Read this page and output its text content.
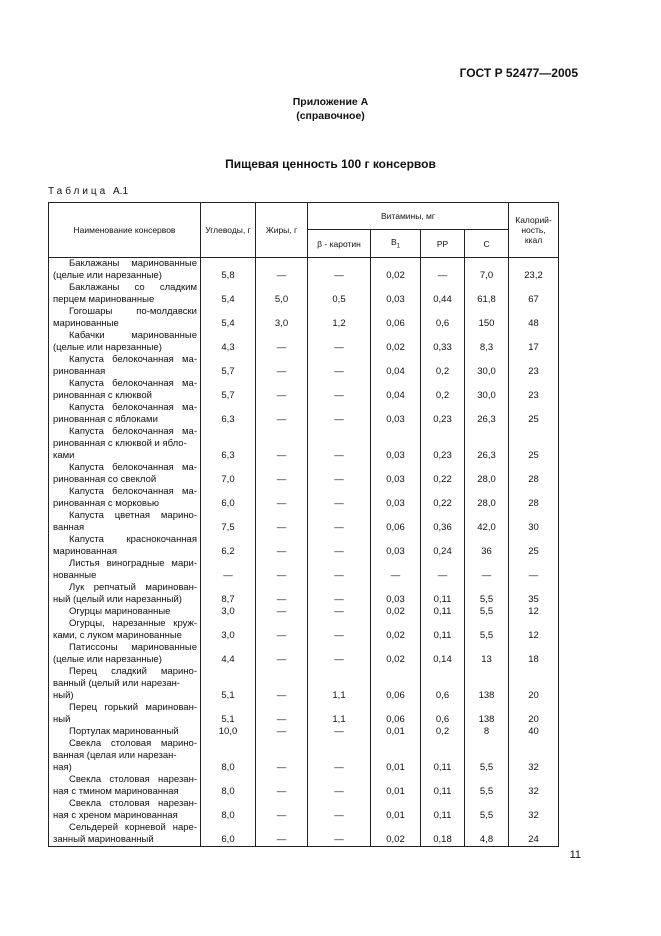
ГОСТ Р 52477—2005
Приложение А
(справочное)
Пищевая ценность 100 г консервов
Таблица А.1
Наименование консервов	Углеводы, г	Жиры, г	Витамины, мг				Калорий-ность, ккал
			β - каротин	$B_1$	PP	C	

Баклажаны маринованные
(целые или нарезанные)	5,8	—	—	0,02	—	7,0	23,2

Баклажаны со сладким
перцем маринованные	5,4	5,0	0,5	0,03	0,44	61,8	67

Гогошары по-молдавски
маринованные	5,4	3,0	1,2	0,06	0,6	150	48

Кабачки маринованные
(целые или нарезанные)	4,3	—	—	0,02	0,33	8,3	17

Капуста белокочанная ма-
ринованная	5,7	—	—	0,04	0,2	30,0	23

Капуста белокочанная ма-
ринованная с клюквой	5,7	—	—	0,04	0,2	30,0	23

Капуста белокочанная ма-
ринованная с яблоками	6,3	—	—	0,03	0,23	26,3	25

Капуста белокочанная ма-
ринованная с клюквой и ябло-
ками	6,3	—	—	0,03	0,23	26,3	25

Капуста белокочанная ма-
ринованная со свеклой	7,0	—	—	0,03	0,22	28,0	28

Капуста белокочанная ма-
ринованная с морковью	6,0	—	—	0,03	0,22	28,0	28

Капуста цветная марино-
ванная	7,5	—	—	0,06	0,36	42,0	30

Капуста краснокочанная
маринованная	6,2	—	—	0,03	0,24	36	25

Листья виноградные мари-
нованные	—	—	—	—	—	—	—

Лук репчатый маринован-
ный (целый или нарезанный)	8,7	—	—	0,03	0,11	5,5	35

Огурцы маринованные	3,0	—	—	0,02	0,11	5,5	12

Огурцы, нарезанные круж-
ками, с луком маринованные	3,0	—	—	0,02	0,11	5,5	12

Патиссоны маринованные
(целые или нарезанные)	4,4	—	—	0,02	0,14	13	18

Перец сладкий марино-
ванный (целый или нарезан-
ный)	5,1	—	1,1	0,06	0,6	138	20

Перец горький маринован-
ный	5,1	—	1,1	0,06	0,6	138	20

Портулак маринованный	10,0	—	—	0,01	0,2	8	40

Свекла столовая марино-
ванная (целая или нарезан-
ная)	8,0	—	—	0,01	0,11	5,5	32

Свекла столовая нарезан-
ная с тмином маринованная	8,0	—	—	0,01	0,11	5,5	32

Свекла столовая нарезан-
ная с хреном маринованная	8,0	—	—	0,01	0,11	5,5	32

Сельдерей корневой наре-
занный маринованный	6,0	—	—	0,02	0,18	4,8	24
11
